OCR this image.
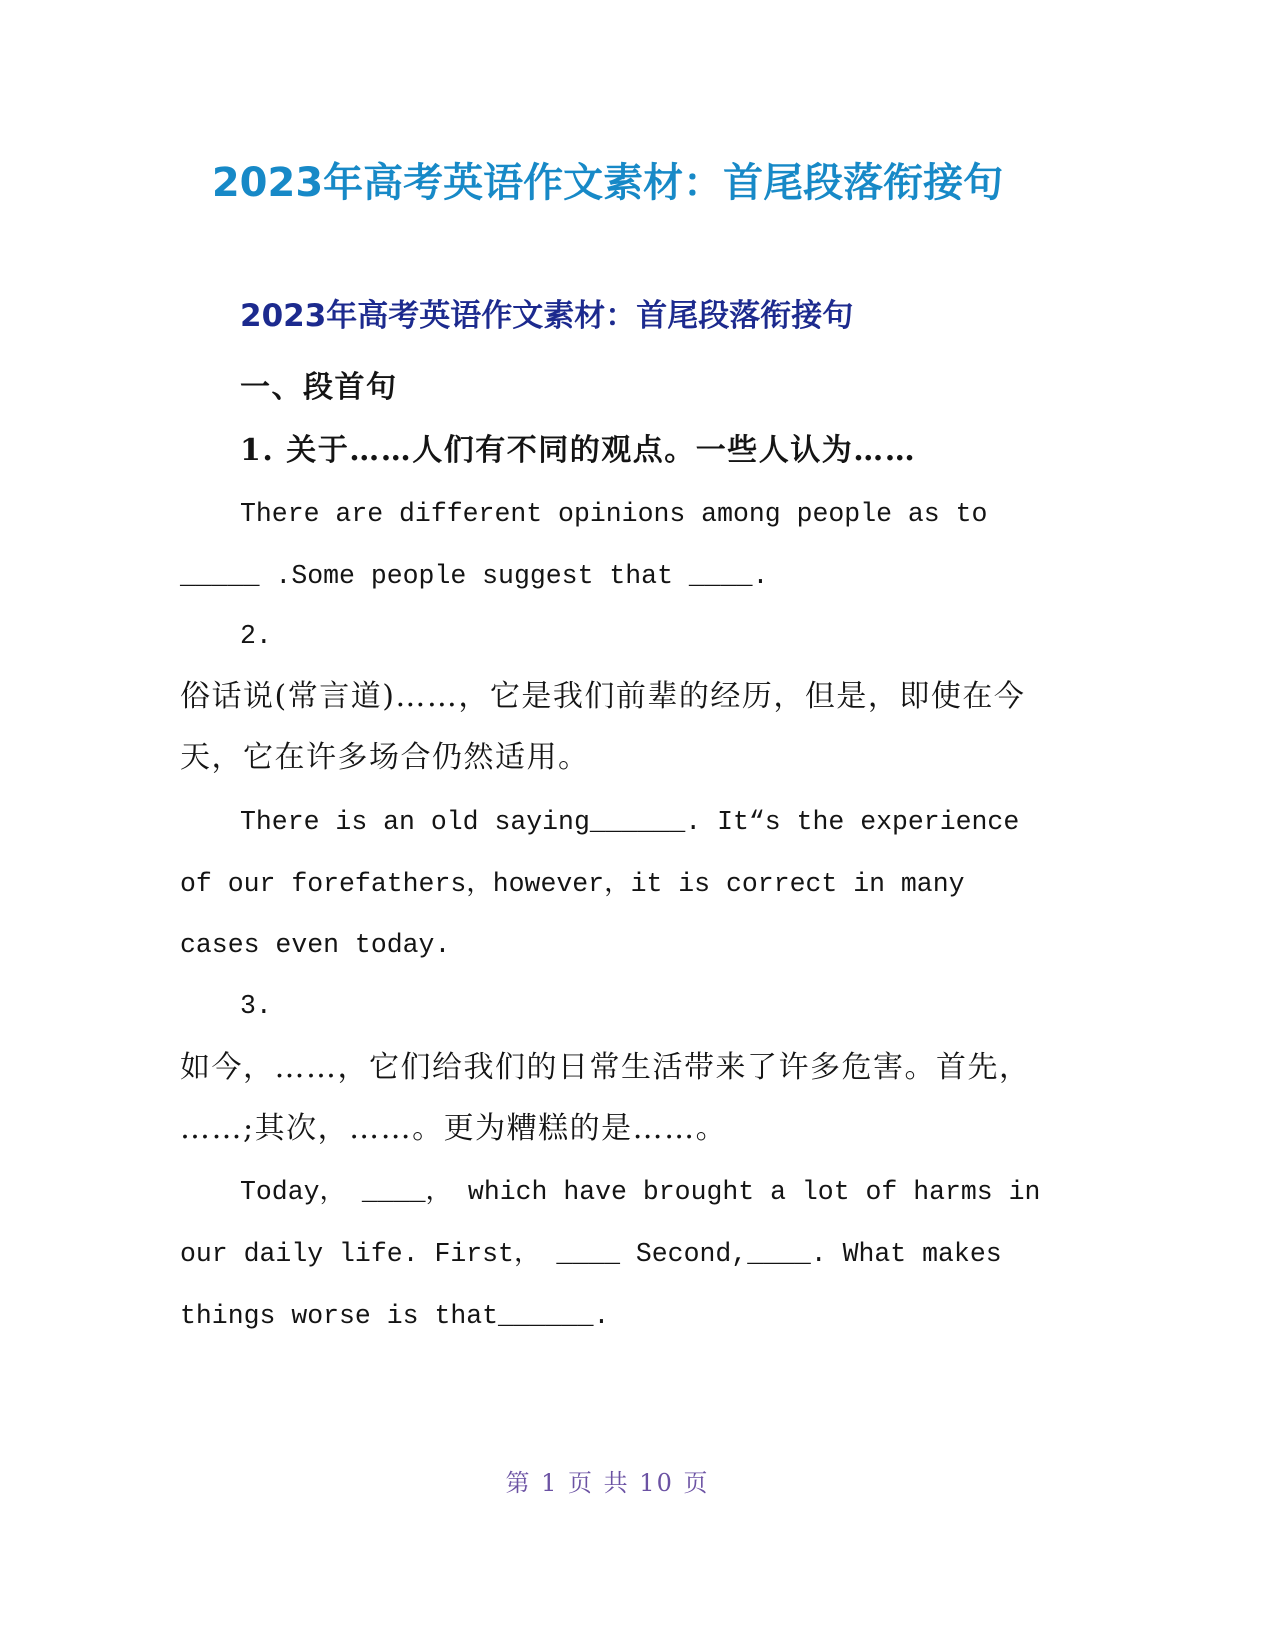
2023年高考英语作文素材：首尾段落衔接句
2023年高考英语作文素材：首尾段落衔接句
一、段首句
1. 关于……人们有不同的观点。一些人认为……
There are different opinions among people as to
_____ .Some people suggest that ____.
2.
俗话说(常言道)……，它是我们前辈的经历，但是，即使在今
天，它在许多场合仍然适用。
There is an old saying______. It“s the experience
of our forefathers，however，it is correct in many
cases even today.
3.
如今，……，它们给我们的日常生活带来了许多危害。首先，
……;其次，……。更为糟糕的是……。
Today， ____， which have brought a lot of harms in
our daily life. First， ____ Second,____. What makes
things worse is that______.
第 1 页 共 10 页
